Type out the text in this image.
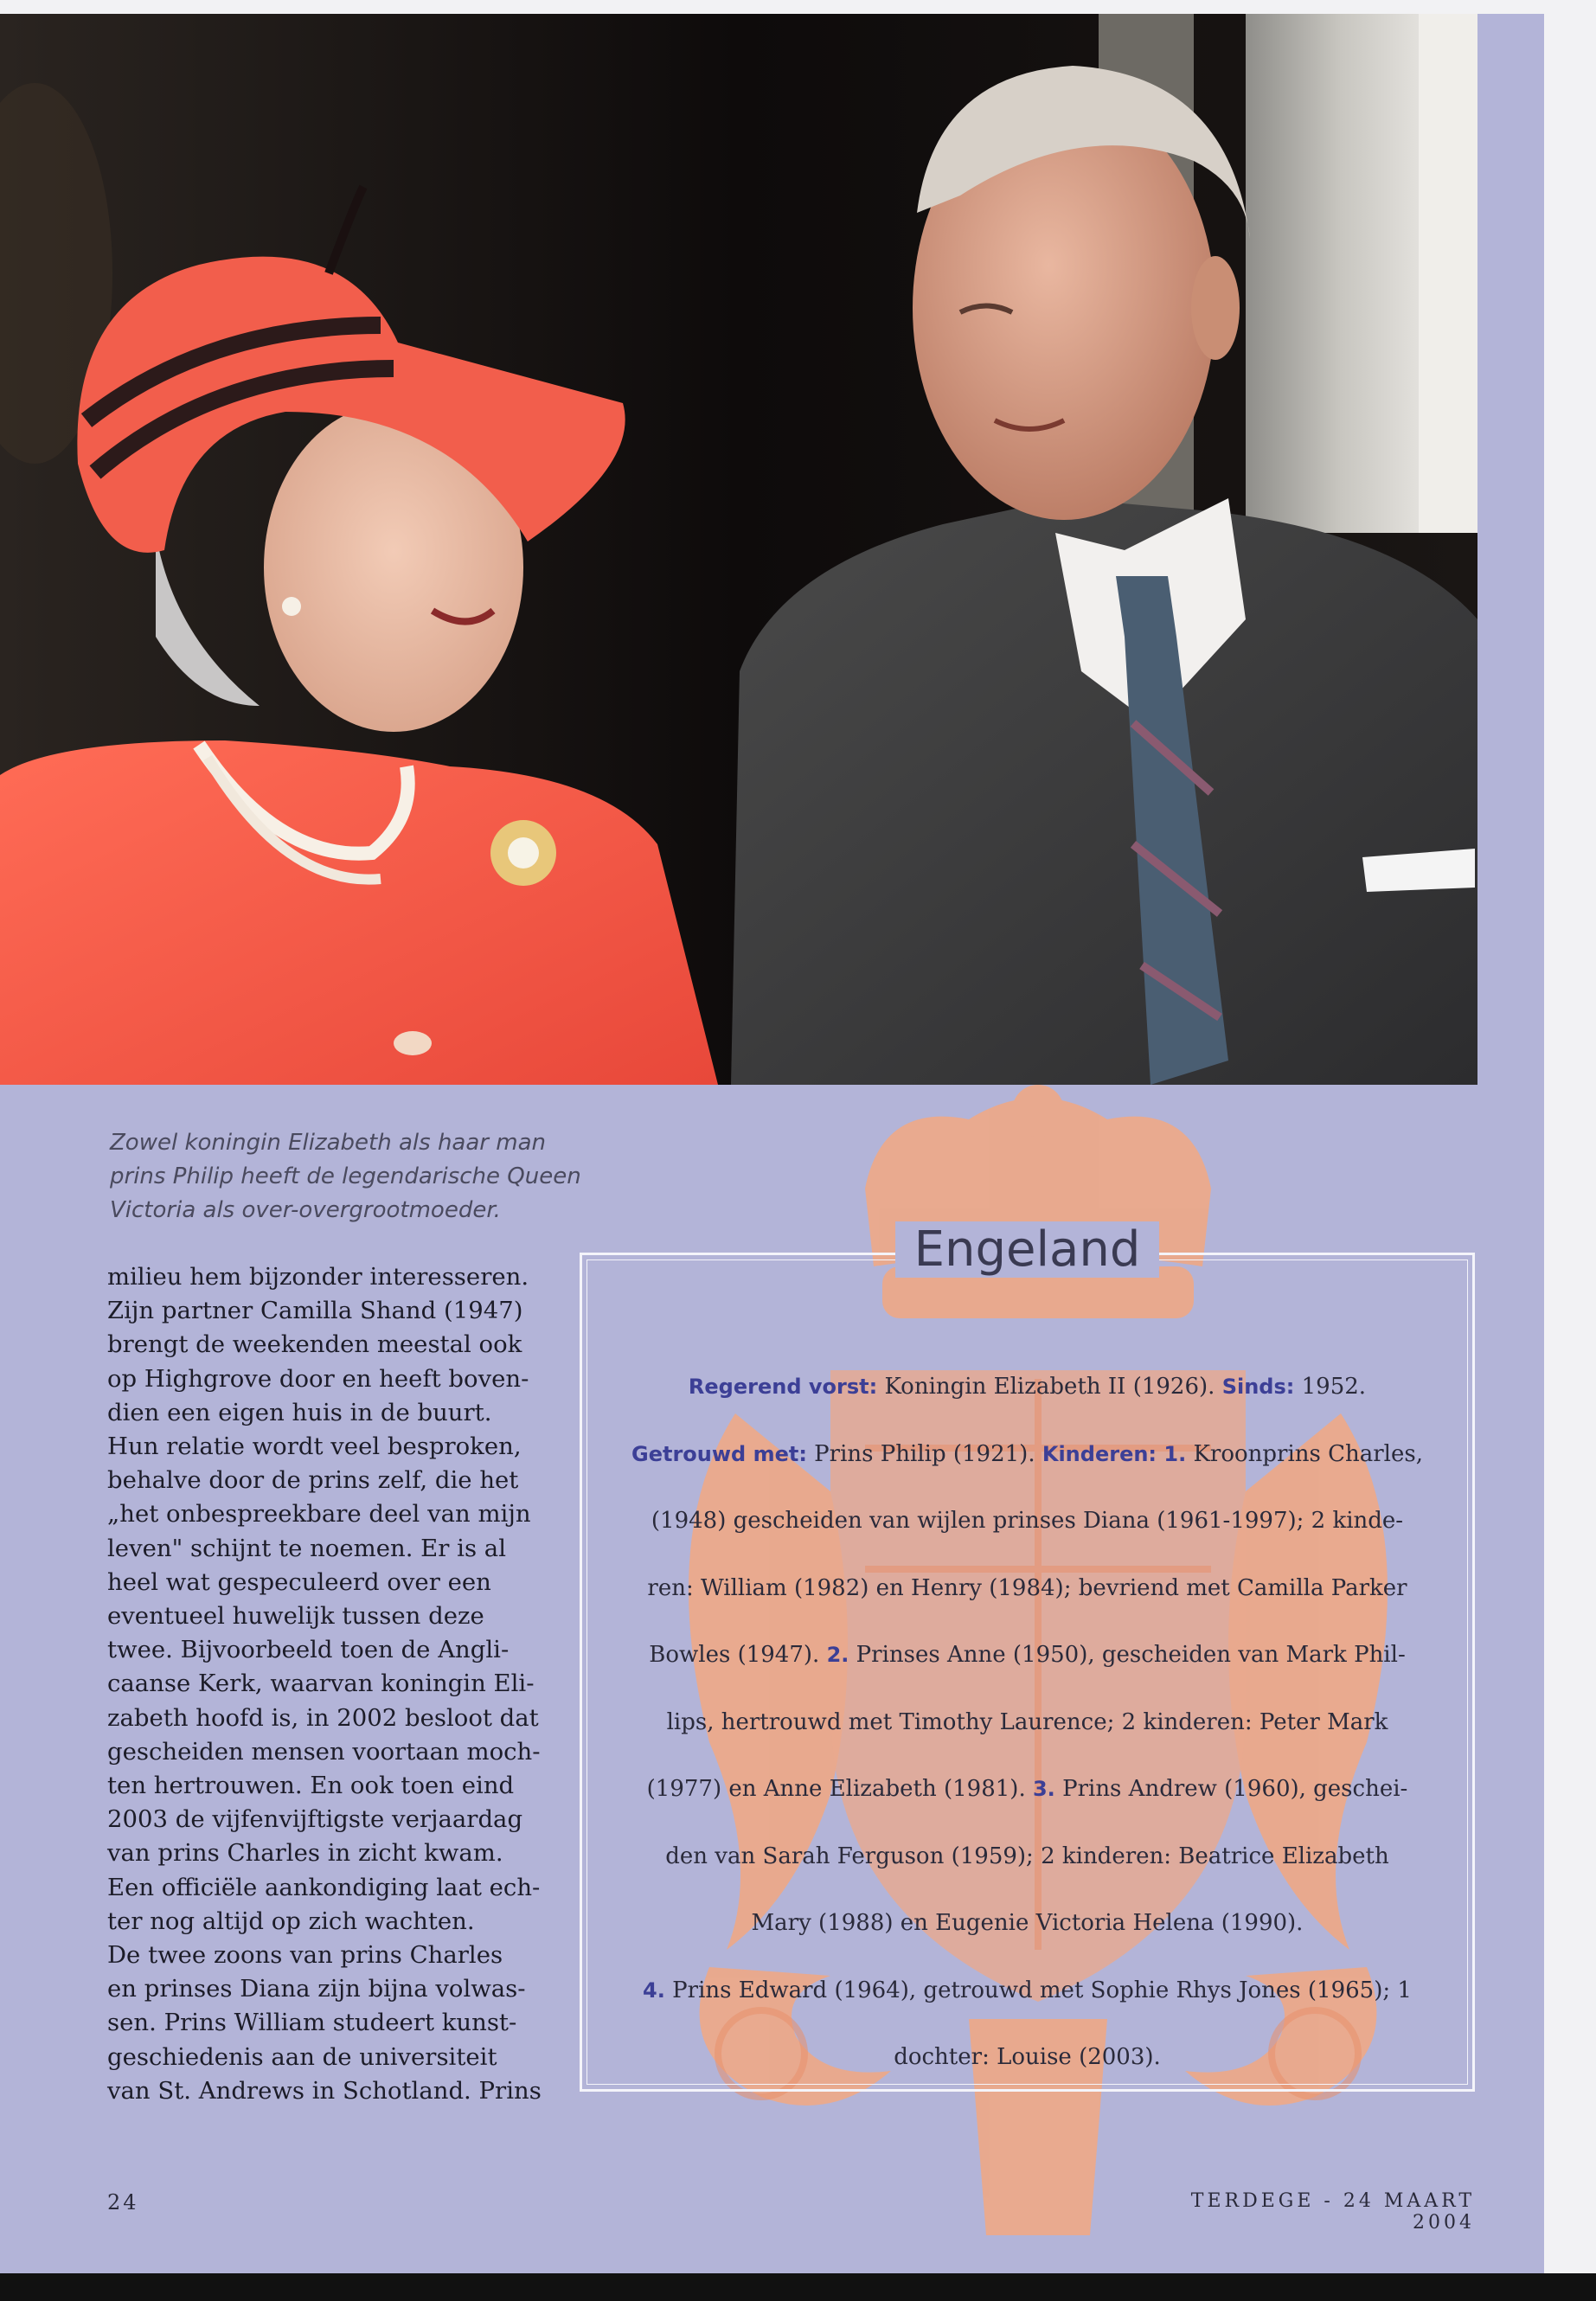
Zowel koningin Elizabeth als haar man
prins Philip heeft de legendarische Queen
Victoria als over-overgrootmoeder.
milieu hem bijzonder interesseren.
Zijn partner Camilla Shand (1947)
brengt de weekenden meestal ook
op Highgrove door en heeft boven-
dien een eigen huis in de buurt.
Hun relatie wordt veel besproken,
behalve door de prins zelf, die het
„het onbespreekbare deel van mijn
leven" schijnt te noemen. Er is al
heel wat gespeculeerd over een
eventueel huwelijk tussen deze
twee. Bijvoorbeeld toen de Angli-
caanse Kerk, waarvan koningin Eli-
zabeth hoofd is, in 2002 besloot dat
gescheiden mensen voortaan moch-
ten hertrouwen. En ook toen eind
2003 de vijfenvijftigste verjaardag
van prins Charles in zicht kwam.
Een officiële aankondiging laat ech-
ter nog altijd op zich wachten.
De twee zoons van prins Charles
en prinses Diana zijn bijna volwas-
sen. Prins William studeert kunst-
geschiedenis aan de universiteit
van St. Andrews in Schotland. Prins
Engeland
Regerend vorst: Koningin Elizabeth II (1926). Sinds: 1952.
Getrouwd met: Prins Philip (1921). Kinderen: 1. Kroonprins Charles,
(1948) gescheiden van wijlen prinses Diana (1961-1997); 2 kinde-
ren: William (1982) en Henry (1984); bevriend met Camilla Parker
Bowles (1947). 2. Prinses Anne (1950), gescheiden van Mark Phil-
lips, hertrouwd met Timothy Laurence; 2 kinderen: Peter Mark
(1977) en Anne Elizabeth (1981). 3. Prins Andrew (1960), geschei-
den van Sarah Ferguson (1959); 2 kinderen: Beatrice Elizabeth
Mary (1988) en Eugenie Victoria Helena (1990).
4. Prins Edward (1964), getrouwd met Sophie Rhys Jones (1965); 1
dochter: Louise (2003).
24	TERDEGE - 24 MAART 2004
